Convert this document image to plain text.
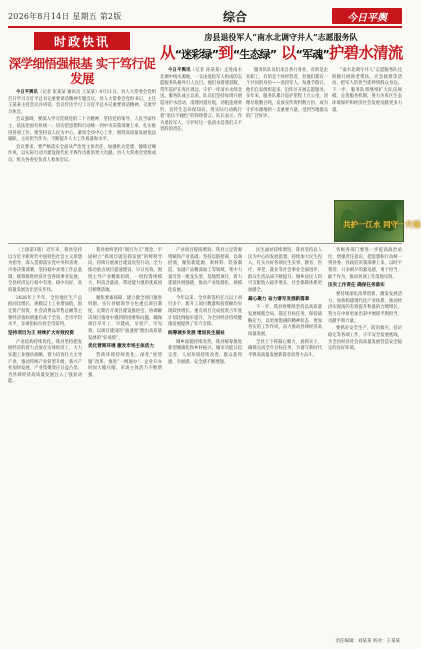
2026年8月14日 星期五 第2版	综合	今日平舆
时政快讯
深学细悟强根基 实干笃行促发展

今日平舆讯（记者 张某某 通讯员 王某某）8月11日，县人大常委会党组召开学习习近平总书记重要讲话精神专题会议，县人大常委会党组书记、主任王某某主持会议并讲话。会议传达学习了习近平总书记重要讲话精神，交流学习体会。

会议强调，要深入学习贯彻党的二十大精神，坚持党的领导、人民当家作主、依法治国有机统一，切实把思想和行动统一到中央决策部署上来，扎实推进各项工作。要坚持以人民为中心，紧扣全县中心工作，围绕高质量发展依法履职，主动担当作为，不断提升人大工作质量和水平。

会议要求，要严格落实全面从严治党主体责任，加强机关党建，锤炼过硬作风，以实际行动为建设现代化平舆作出新的更大贡献。县人大常委会党组成员，机关各委室负责人参加会议。

房县退役军人“南水北调守井人”志愿服务队
从“迷彩绿”到“生态绿” 以“军魂”护碧水清流

今日平舆讯（记者 孙某某）走进南水北调中线水源地，一支由退役军人组成的志愿服务队格外引人注目。他们身着迷彩服，常年巡护在库区周边，守护一库清水永续北送。服务队成立以来，队员们坚持每周开展巡河护水活动，清理河道垃圾，劝阻违规垂钓，宣传生态环保知识，用实际行动践行着“退伍不褪色”的铮铮誓言。队长表示，作为退役军人，守护好这一泓清水是我们义不容辞的责任。

服务队队员们来自各行各业，有的是企业职工，有的是个体经营者，但他们都有一个共同的身份——退役军人。每逢节假日，他们自发组织起来，沿库区开展志愿服务。多年来，服务队累计巡护里程上万公里，清理垃圾数百吨，发放宣传资料数万份，成为守护水源地的一支重要力量，受到当地群众的广泛好评。

“南水北调守井人”志愿服务队还积极开展助老帮扶、应急救援等活动，把军人的担当延伸到群众身边。下一步，服务队将继续扩大队伍规模，完善服务机制，努力为库区生态环境保护和经济社会发展贡献更多力量。

共护一江水 同守一片绿

（上接第1版）近年来，我县坚持以习近平新时代中国特色社会主义思想为指导，深入贯彻落实党中央和省委、市委决策部署，坚持稳中求进工作总基调，统筹推进经济社会各项事业发展，全县经济运行稳中有进、稳中向好，高质量发展迈出坚实步伐。

2026年上半年，全县地区生产总值同比增长，规模以上工业增加值、固定资产投资、社会消费品零售总额等主要经济指标增速均高于全省、全市平均水平，多项指标位居全市前列。

坚持项目为王 持续扩大有效投资

产业结构持续优化。我县坚持把发展经济的着力点放在实体经济上，大力实施工业强县战略，着力培育壮大主导产业，推动传统产业转型升级、新兴产业加快发展，产业集聚效应日益凸显，为县域经济高质量发展注入了强劲动能。

我县始终坚持“项目为王”理念，牢固树立“抓项目就是抓发展”的鲜明导向，持续开展项目建设攻坚行动，全力推动重点项目提速建设、早日见效。围绕主导产业精准招商，一批投资规模大、科技含量高、带动能力强的优质项目相继落地。

聚焦要素保障，建立健全项目推进机制，实行县级领导分包重点项目制度，定期召开项目建设推进会，协调解决项目推进中遇到的困难和问题，确保项目早开工、早建成、早投产、早见效，以项目建设的“加速度”跑出高质量发展的“好成绩”。

优化营商环境 激发市场主体活力

营商环境持续优化。深化“放管服”改革，推进“一网通办”，企业开办时间大幅压缩，市场主体活力不断增强。

产业项目提质增效。我县立足资源禀赋和产业基础，坚持以链招商、以商招商，聚焦新能源、新材料、装备制造、农副产品精深加工等领域，集中力量引进一批龙头型、基地型项目，着力延链补链强链，推动产业集群化、规模化发展。

今年以来，全县新签约亿元以上项目多个，新开工项目数量和投资额均实现较快增长。重点项目完成投资占年度计划比例稳步提升，为全县经济持续健康发展提供了有力支撑。

统筹城乡发展 增进民生福祉

城乡面貌持续改善。我县统筹推进新型城镇化和乡村振兴，城市功能日趋完善，人居环境持续改善，群众获得感、幸福感、安全感不断增强。

民生福祉持续增进。我县坚持以人民为中心的发展思想，持续加大民生投入，扎实办好各项民生实事，教育、医疗、养老、就业等社会事业全面进步，群众生活品质不断提升。城乡居民人均可支配收入稳步增长，社会保障体系更加健全。

凝心聚力 奋力谱写发展新篇章

下一步，我县将继续坚持以高质量发展统揽全局，锚定目标任务，保持战略定力，以更加饱满的精神状态、更加务实的工作作风，奋力推动县域经济高质量发展。

全县上下将凝心聚力、真抓实干，确保完成全年目标任务，为谱写新时代平舆高质量发展新篇章而努力奋斗。

各级各部门要进一步提高政治站位，增强责任意识，把思想和行动统一到县委、县政府决策部署上来，以时不我待、只争朝夕的紧迫感，勇于担当、敢于作为，推动各项工作落地见效。

压实工作责任 确保任务落实

要持续深化改革创新，激发发展活力，加快构建现代化产业体系，推动经济实现质的有效提升和量的合理增长，努力在中原更加出彩中展现平舆担当、贡献平舆力量。

要抓好安全生产、防汛救灾、信访稳定等各项工作，守牢安全发展底线，为全县经济社会高质量发展营造安全稳定的良好环境。

责任编辑：刘某某 校对：王某某
